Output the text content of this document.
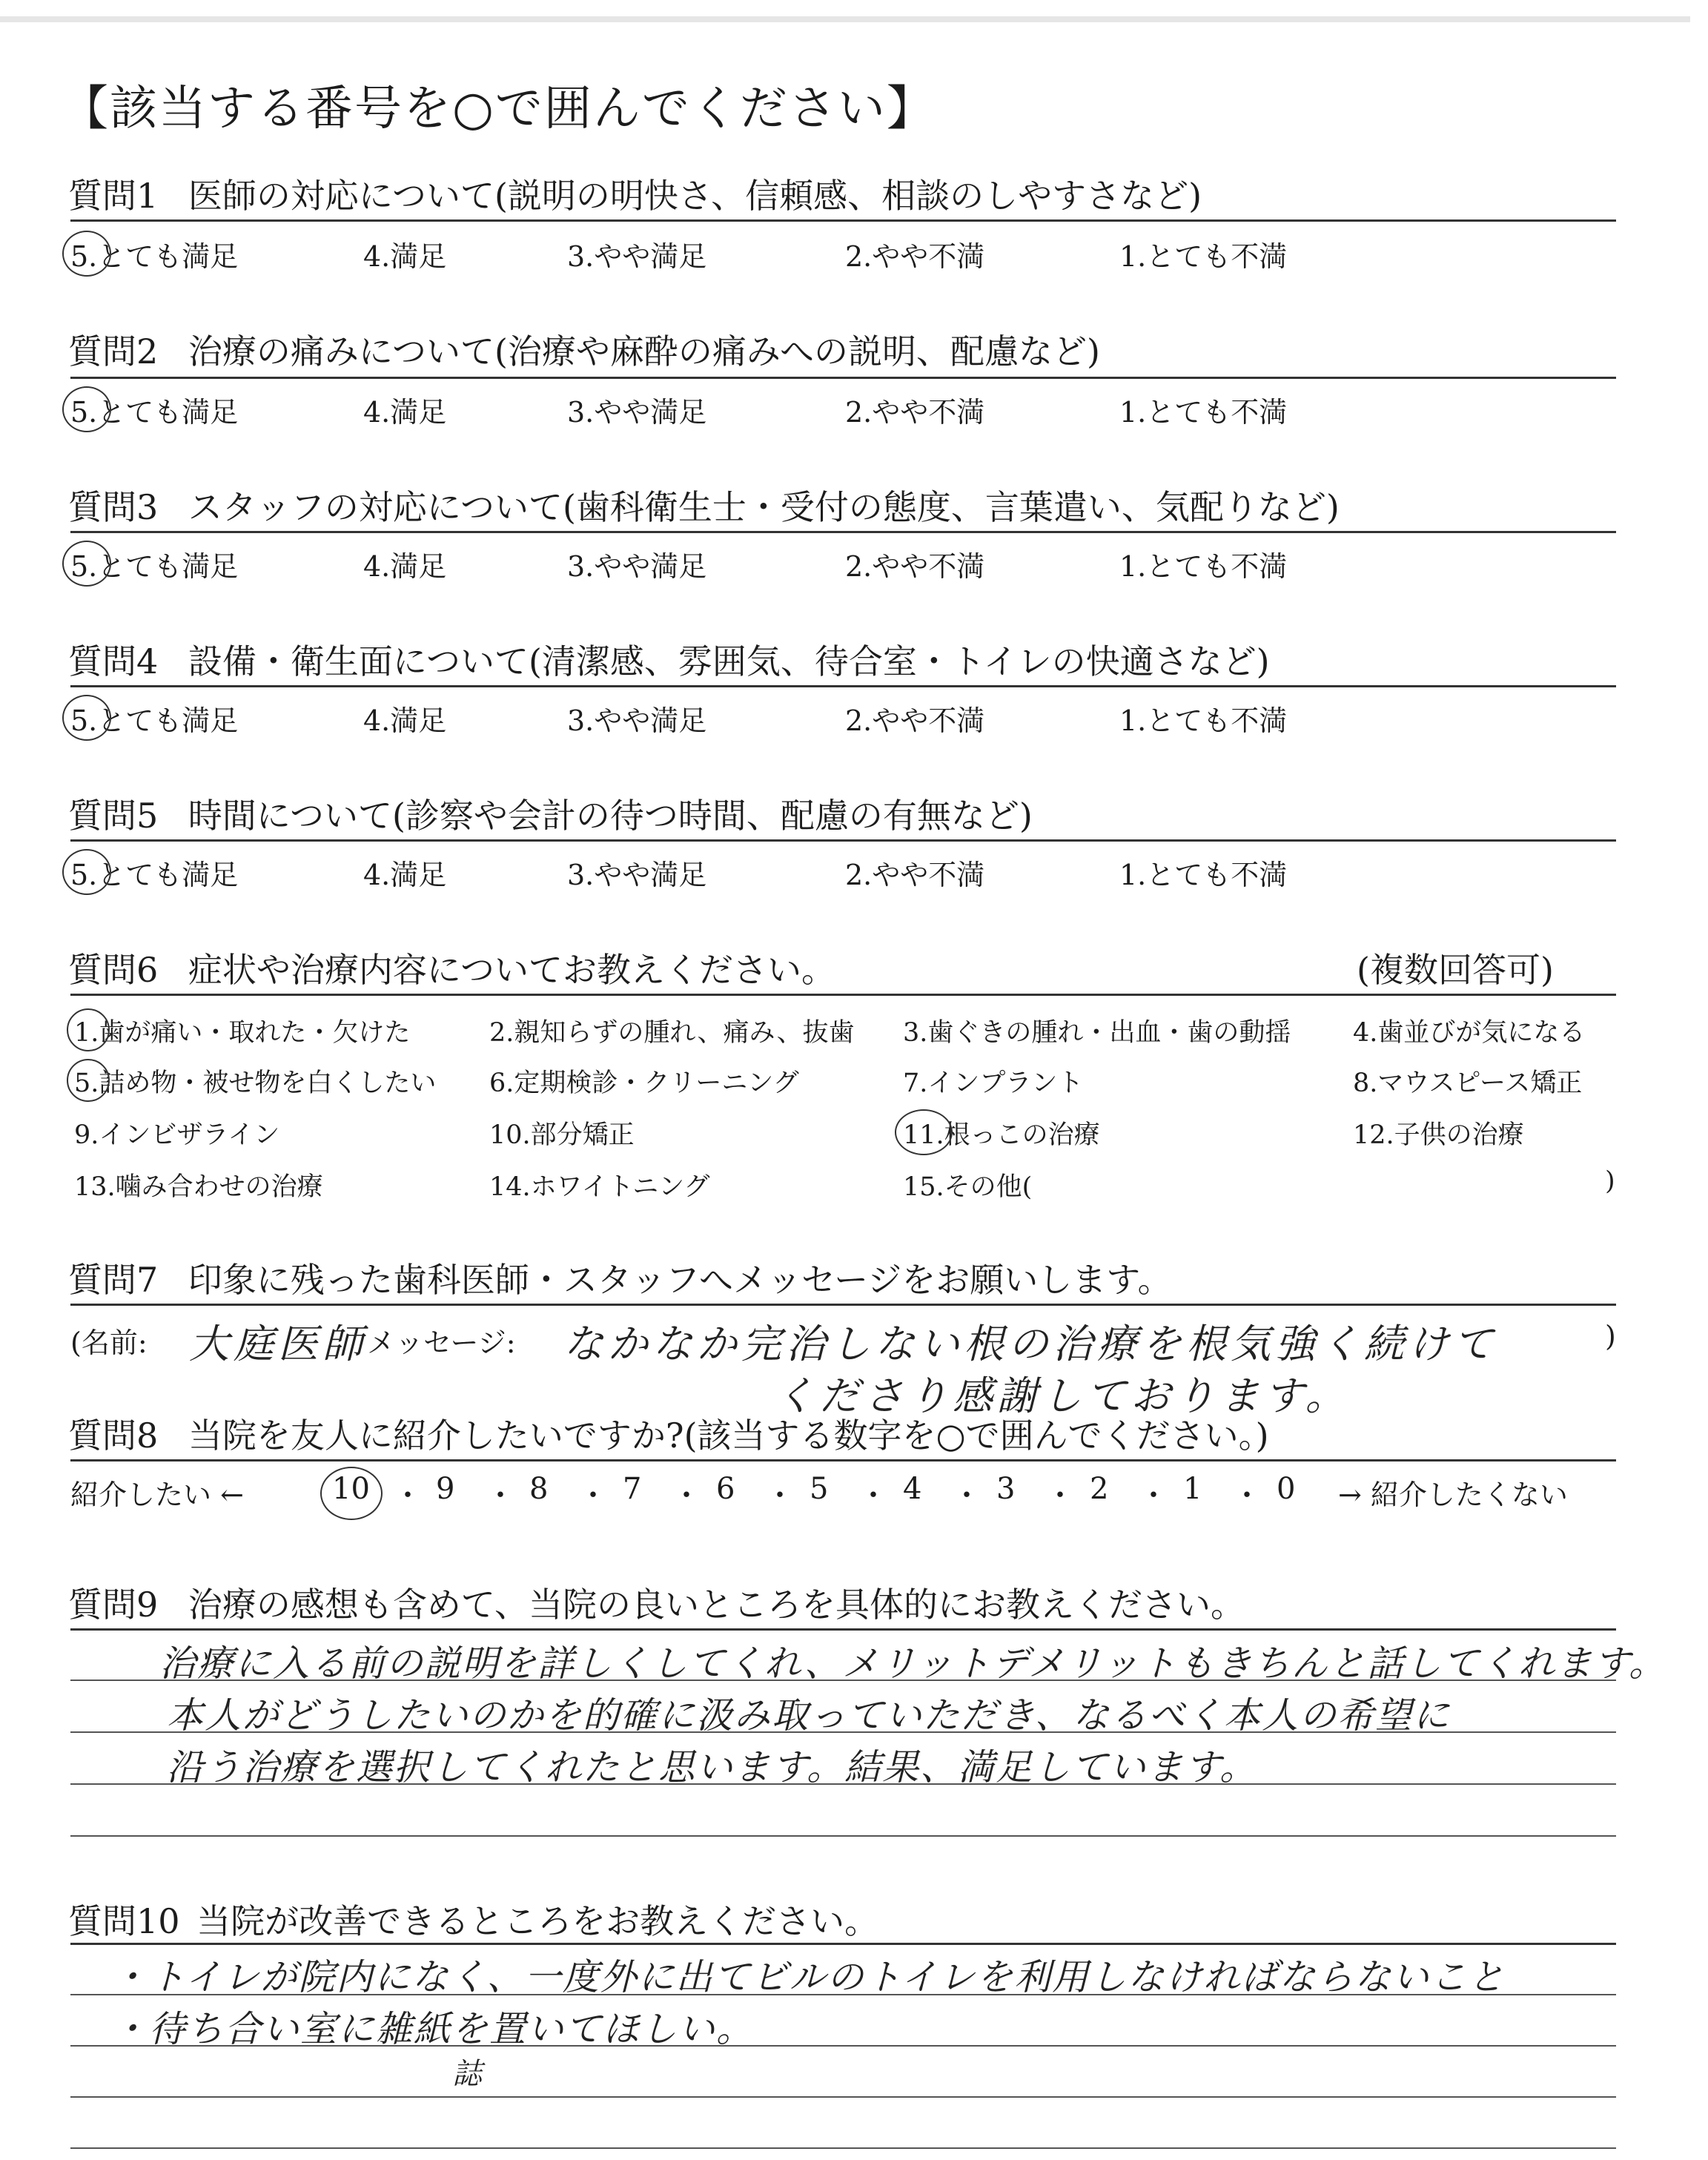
【該当する番号を○で囲んでください】
質問1 医師の対応について(説明の明快さ、信頼感、相談のしやすさなど)
5.とても満足	4.満足	3.やや満足	2.やや不満	1.とても不満
質問2 治療の痛みについて(治療や麻酔の痛みへの説明、配慮など)
5.とても満足	4.満足	3.やや満足	2.やや不満	1.とても不満
質問3 スタッフの対応について(歯科衛生士・受付の態度、言葉遣い、気配りなど)
5.とても満足	4.満足	3.やや満足	2.やや不満	1.とても不満
質問4 設備・衛生面について(清潔感、雰囲気、待合室・トイレの快適さなど)
5.とても満足	4.満足	3.やや満足	2.やや不満	1.とても不満
質問5 時間について(診察や会計の待つ時間、配慮の有無など)
5.とても満足	4.満足	3.やや満足	2.やや不満	1.とても不満
質問6 症状や治療内容についてお教えください。	(複数回答可)
1.歯が痛い・取れた・欠けた	2.親知らずの腫れ、痛み、抜歯 3.歯ぐきの腫れ・出血・歯の動揺 4.歯並びが気になる
5.詰め物・被せ物を白くしたい 6.定期検診・クリーニング	7.インプラント	8.マウスピース矯正
9.インビザライン	10.部分矯正	11.根っこの治療	12.子供の治療
13.噛み合わせの治療	14.ホワイトニング	15.その他(	)
質問7 印象に残った歯科医師・スタッフへメッセージをお願いします。
(名前: 大庭医師 メッセージ: なかなか完治しない根の治療を根気強く続けて
くださり感謝しております。
)
質問8 当院を友人に紹介したいですか?(該当する数字を○で囲んでください。)
紹介したい ←	→ 紹介したくない
10 ・ 9 ・ 8 ・ 7 ・ 6 ・ 5 ・ 4 ・ 3 ・ 2 ・ 1 ・ 0
質問9 治療の感想も含めて、当院の良いところを具体的にお教えください。
治療に入る前の説明を詳しくしてくれ、メリットデメリットもきちんと話してくれます。
本人がどうしたいのかを的確に汲み取っていただき、なるべく本人の希望に
沿う治療を選択してくれたと思います。結果、満足しています。
質問10 当院が改善できるところをお教えください。
・トイレが院内になく、一度外に出てビルのトイレを利用しなければならないこと
・待ち合い室に雑紙を置いてほしい。
誌
